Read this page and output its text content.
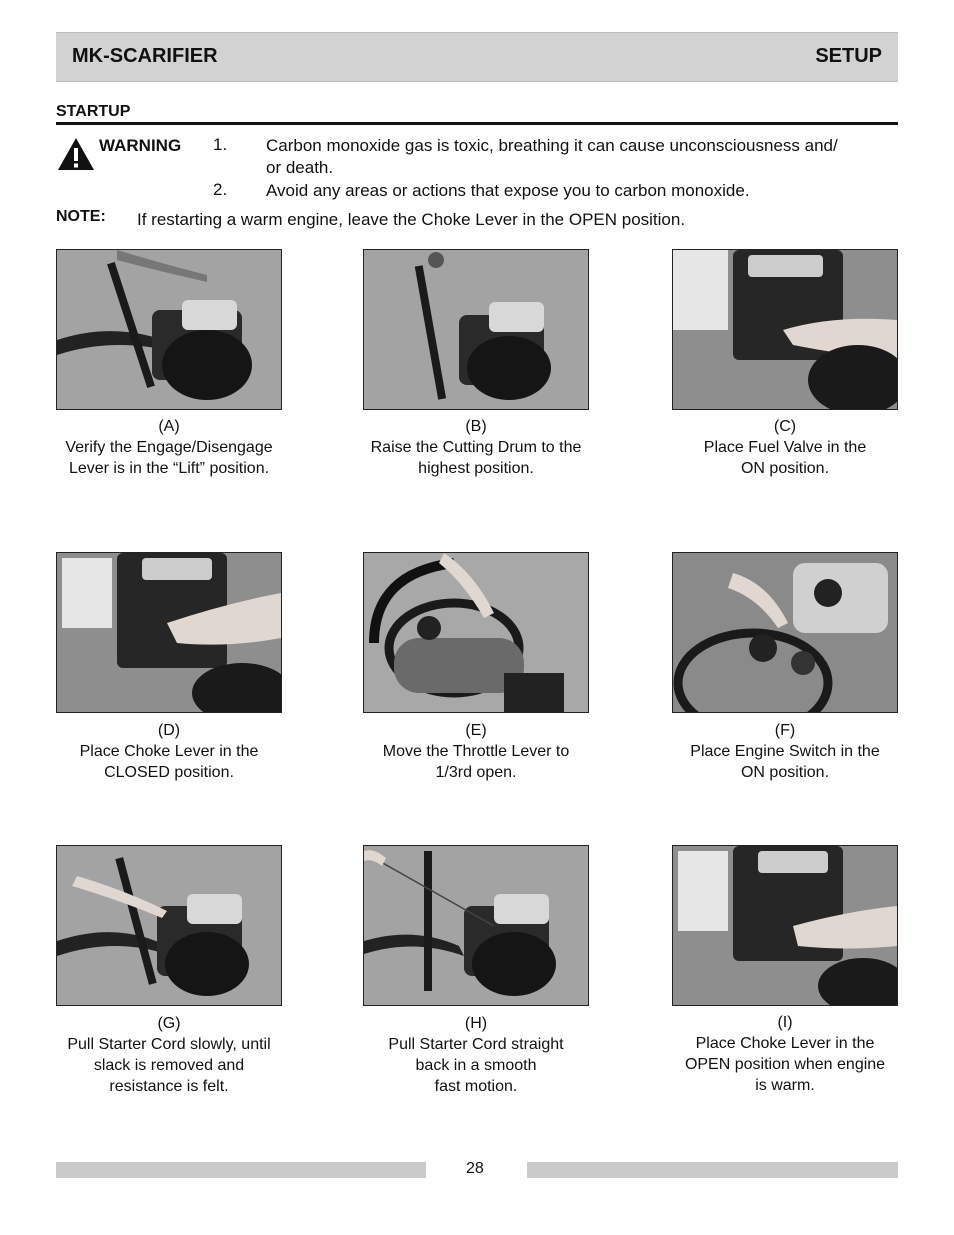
MK-SCARIFIER	SETUP
STARTUP
WARNING 1. Carbon monoxide gas is toxic, breathing it can cause unconsciousness and/
or death.
2. Avoid any areas or actions that expose you to carbon monoxide.
NOTE: If restarting a warm engine, leave the Choke Lever in the OPEN position.
(A)
Verify the Engage/Disengage
Lever is in the “Lift” position.
(B)
Raise the Cutting Drum to the
highest position.
(C)
Place Fuel Valve in the
ON position.
(D)
Place Choke Lever in the
CLOSED position.
(E)
Move the Throttle Lever to
1/3rd open.
(F)
Place Engine Switch in the
ON position.
(G)
Pull Starter Cord slowly, until
slack is removed and
resistance is felt.
(H)
Pull Starter Cord straight
back in a smooth
fast motion.
(I)
Place Choke Lever in the
OPEN position when engine
is warm.
28
